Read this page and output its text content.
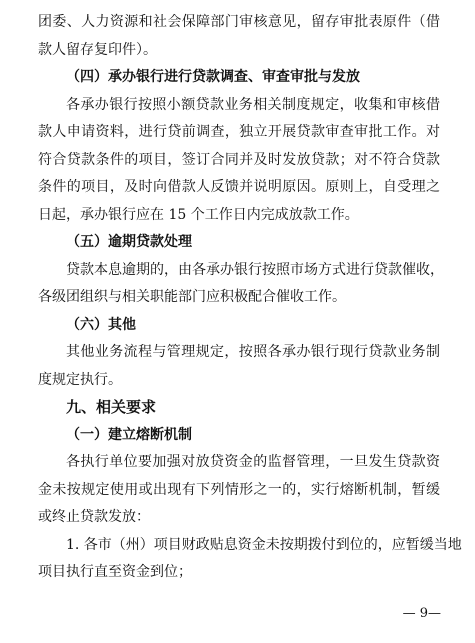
团委、人力资源和社会保障部门审核意见，留存审批表原件（借
款人留存复印件）。
（四）承办银行进行贷款调查、审查审批与发放
各承办银行按照小额贷款业务相关制度规定，收集和审核借
款人申请资料，进行贷前调查，独立开展贷款审查审批工作。对
符合贷款条件的项目，签订合同并及时发放贷款；对不符合贷款
条件的项目，及时向借款人反馈并说明原因。原则上，自受理之
日起，承办银行应在 15 个工作日内完成放款工作。
（五）逾期贷款处理
贷款本息逾期的，由各承办银行按照市场方式进行贷款催收，
各级团组织与相关职能部门应积极配合催收工作。
（六）其他
其他业务流程与管理规定，按照各承办银行现行贷款业务制
度规定执行。
九、相关要求
（一）建立熔断机制
各执行单位要加强对放贷资金的监督管理，一旦发生贷款资
金未按规定使用或出现有下列情形之一的，实行熔断机制，暂缓
或终止贷款发放：
1. 各市（州）项目财政贴息资金未按期拨付到位的，应暂缓当地
项目执行直至资金到位；
— 9—
